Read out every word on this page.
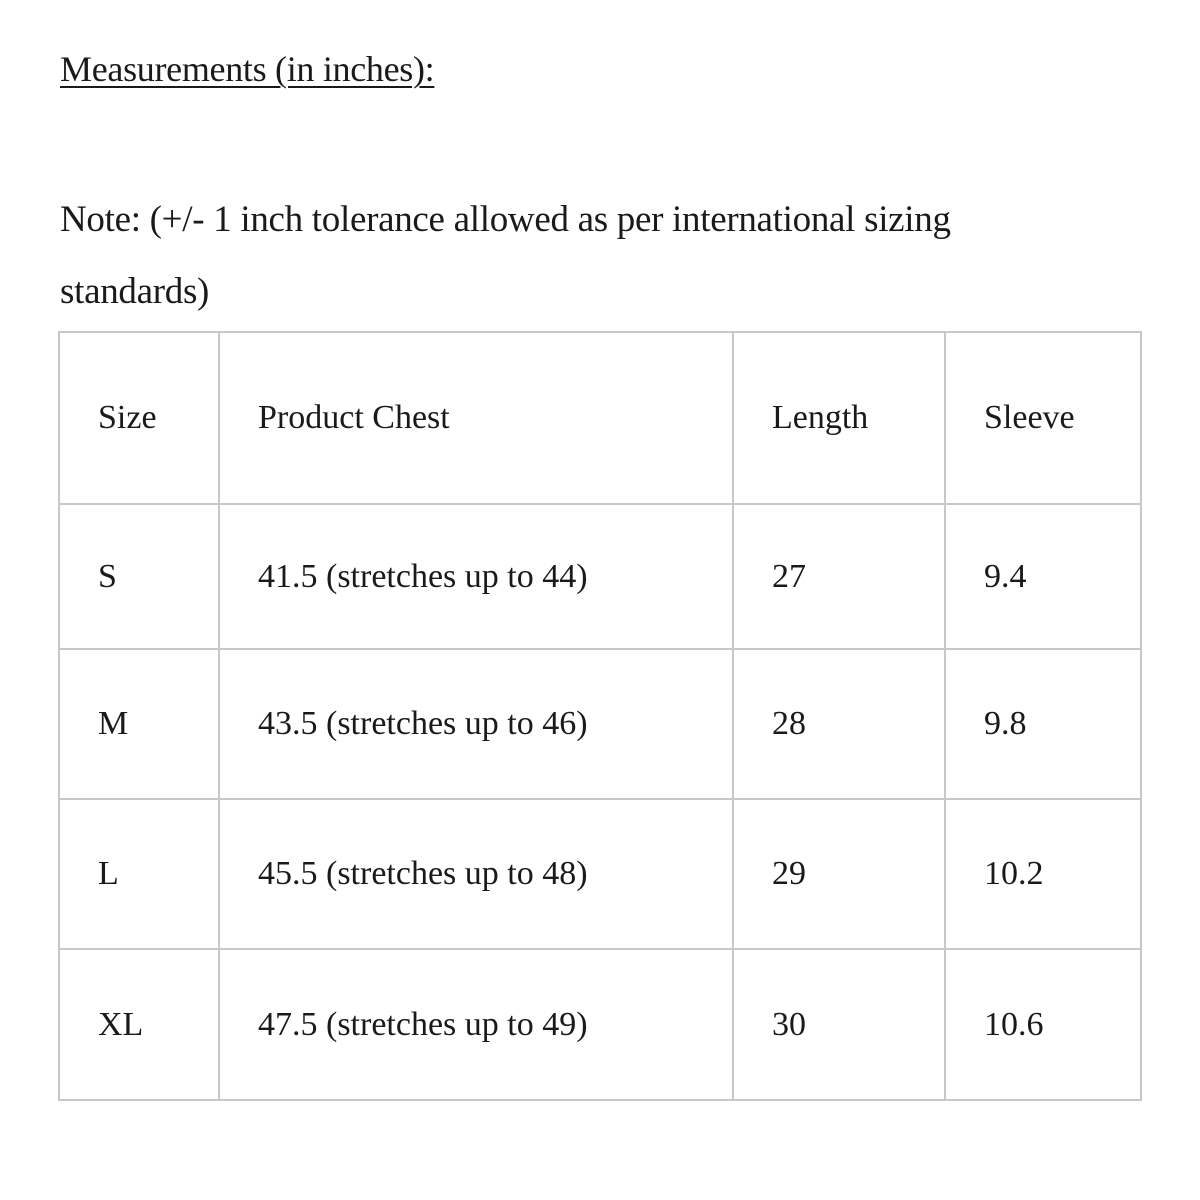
Measurements (in inches):
Note: (+/- 1 inch tolerance allowed as per international sizing standards)
Size	Product Chest	Length	Sleeve
S	41.5 (stretches up to 44)	27	9.4
M	43.5 (stretches up to 46)	28	9.8
L	45.5 (stretches up to 48)	29	10.2
XL	47.5 (stretches up to 49)	30	10.6
